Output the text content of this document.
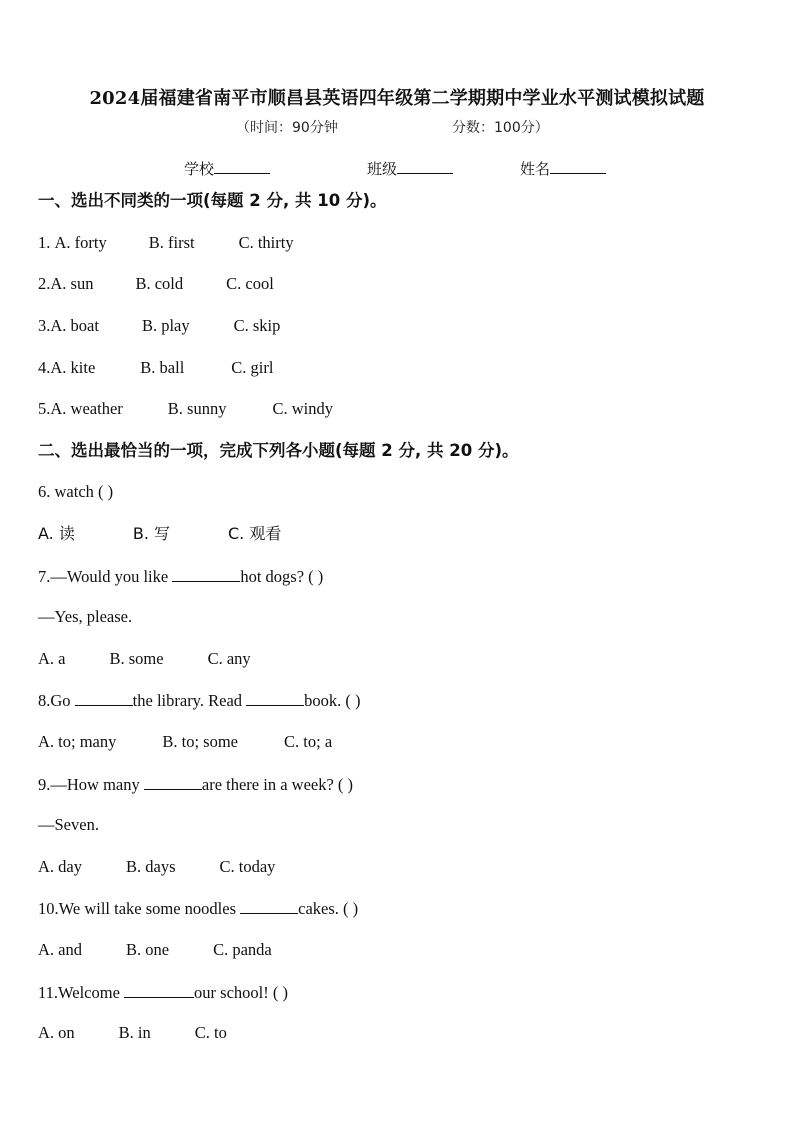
2024届福建省南平市顺昌县英语四年级第二学期期中学业水平测试模拟试题
（时间：90分钟	分数：100分）
学校	班级	姓名
一、选出不同类的一项(每题 2 分, 共 10 分)。
1. A. forty	B. first	C. thirty
2.A. sun	B. cold	C. cool
3.A. boat	B. play	C. skip
4.A. kite	B. ball	C. girl
5.A. weather	B. sunny	C. windy
二、选出最恰当的一项，完成下列各小题(每题 2 分, 共 20 分)。
6. watch ( )
A. 读	B. 写	C. 观看
7.—Would you like	hot dogs? ( )
—Yes, please.
A. a	B. some	C. any
8.Go	the library. Read	book. ( )
A. to; many	B. to; some	C. to; a
9.—How many	are there in a week? ( )
—Seven.
A. day	B. days	C. today
10.We will take some noodles	cakes. ( )
A. and	B. one	C. panda
11.Welcome	our school! ( )
A. on	B. in	C. to
